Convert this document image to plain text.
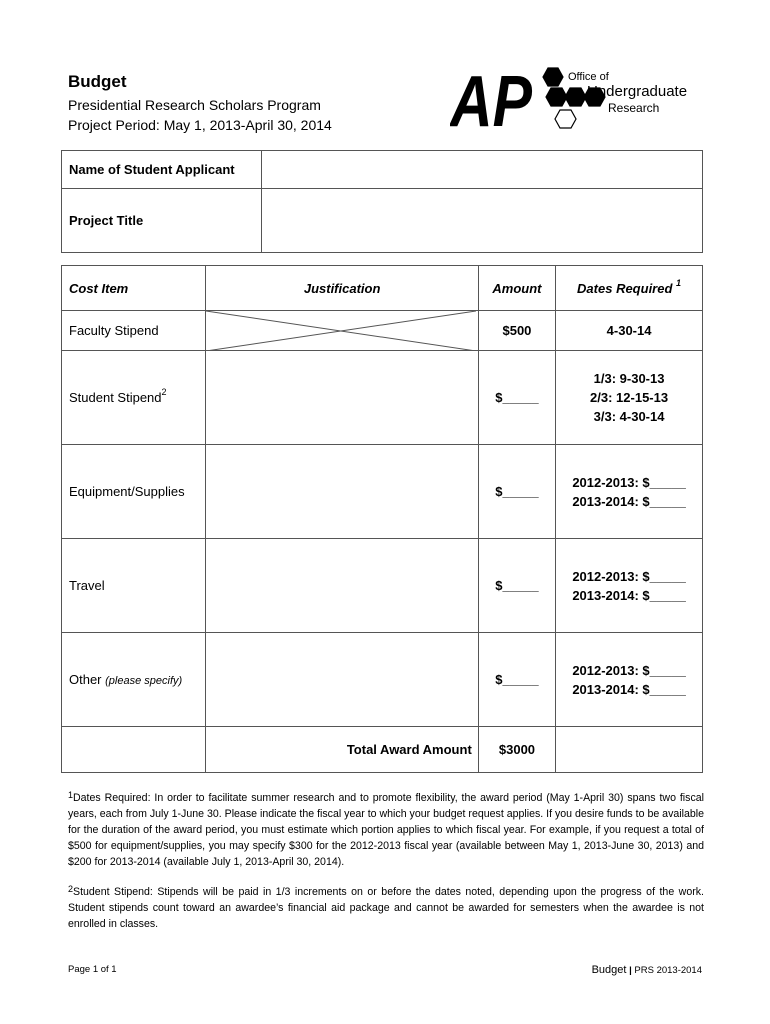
Budget
Presidential Research Scholars Program
Project Period: May 1, 2013-April 30, 2014 AP	Office of
Undergraduate
Research
Name of Student Applicant	
Project Title	
Cost Item	Justification	Amount	Dates Required $^1$
Faculty Stipend		$500	4-30-14
Student Stipend$^2$		$_____	1/3: 9-30-13
2/3: 12-15-13
3/3: 4-30-14

Equipment/Supplies		$_____	2012-2013: $_____
2013-2014: $_____

Travel		$_____	2012-2013: $_____
2013-2014: $_____

Other (please specify)		$_____	2012-2013: $_____
2013-2014: $_____

	Total Award Amount	$3000	
$^1$Dates Required: In order to facilitate summer research and to promote flexibility, the award period (May 1-April 30) spans two fiscal years, each from July 1-June 30. Please indicate the fiscal year to which your budget request applies. If you desire funds to be available for the duration of the award period, you must estimate which portion applies to which fiscal year. For example, if you request a total of $500 for equipment/supplies, you may specify $300 for the 2012-2013 fiscal year (available between May 1, 2013-June 30, 2013) and $200 for 2013-2014 (available July 1, 2013-April 30, 2014).
$^2$Student Stipend: Stipends will be paid in 1/3 increments on or before the dates noted, depending upon the progress of the work. Student stipends count toward an awardee’s financial aid package and cannot be awarded for semesters when the awardee is not enrolled in classes.
Page 1 of 1	Budget | PRS 2013-2014
